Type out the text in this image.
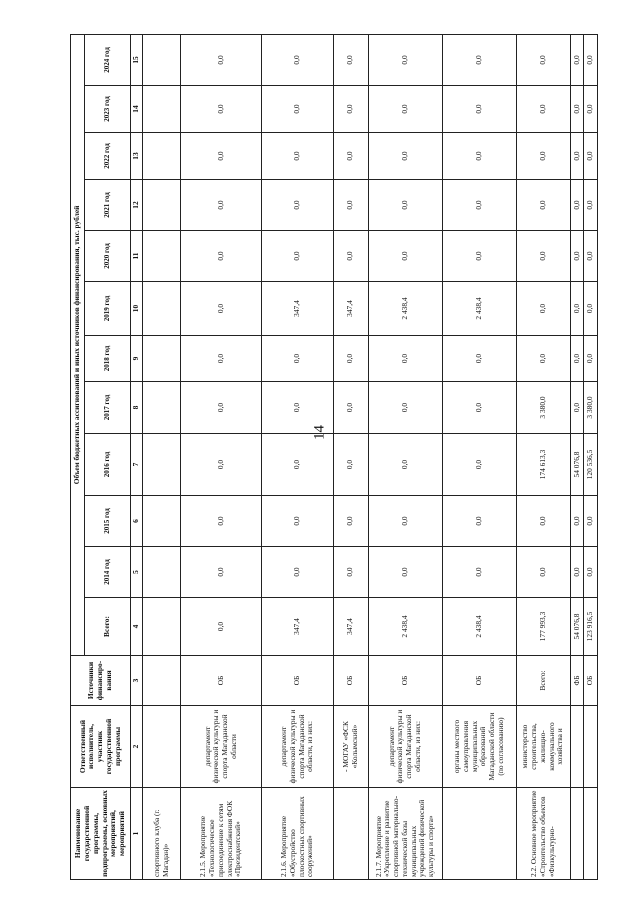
14
Наименование государственной программы, подпрограммы, основных мероприятий, мероприятий	Ответственный исполнитель, участник государственной программы	Источники финансиро-вания	Объем бюджетных ассигнований и иных источников финансирования, тыс. рублей											
			Всего:	2014 год	2015 год	2016 год	2017 год	2018 год	2019 год	2020 год	2021 год	2022 год	2023 год	2024 год
1	2	3	4	5	6	7	8	9	10	11	12	13	14	15
спортивного клуба (г. Магадан)»														
2.1.5. Мероприятие «Технологическое присоединение к сетям электроснабжения ФОК «Президентский»	департамент физической культуры и спорта Магаданской области	ОБ	0,0	0,0	0,0	0,0	0,0	0,0	0,0	0,0	0,0	0,0	0,0	0,0
2.1.6. Мероприятие «Обустройство плоскостных спортивных сооружений»	департамент физической культуры и спорта Магаданской области, из них:	ОБ	347,4	0,0	0,0	0,0	0,0	0,0	347,4	0,0	0,0	0,0	0,0	0,0
	- МОГАУ «ФСК «Колымский»	ОБ	347,4	0,0	0,0	0,0	0,0	0,0	347,4	0,0	0,0	0,0	0,0	0,0
2.1.7. Мероприятие «Укрепление и развитие спортивной материально-технической базы муниципальных учреждений физической культуры и спорта»	департамент физической культуры и спорта Магаданской области, из них:	ОБ	2 438,4	0,0	0,0	0,0	0,0	0,0	2 438,4	0,0	0,0	0,0	0,0	0,0
	органы местного самоуправления муниципальных образований Магаданской области (по согласованию)	ОБ	2 438,4	0,0	0,0	0,0	0,0	0,0	2 438,4	0,0	0,0	0,0	0,0	0,0
2.2. Основное мероприятие «Строительство объектов «Физкультурно-	министерство строительства, жилищно-коммунального хозяйства и	Всего:	177 993,3	0,0	0,0	174 613,3	3 380,0	0,0	0,0	0,0	0,0	0,0	0,0	0,0
		ФБ	54 076,8	0,0	0,0	54 076,8	0,0	0,0	0,0	0,0	0,0	0,0	0,0	0,0
		ОБ	123 916,5	0,0	0,0	120 536,5	3 380,0	0,0	0,0	0,0	0,0	0,0	0,0	0,0
